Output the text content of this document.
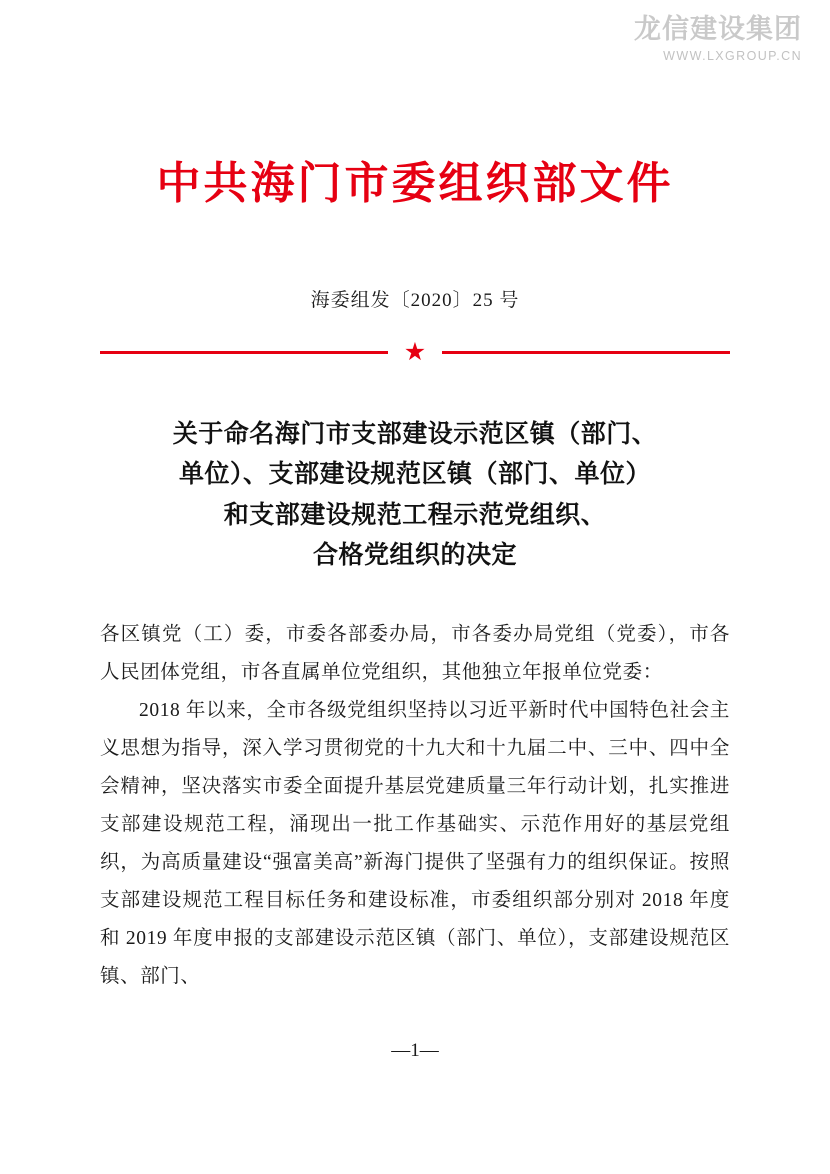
龙信建设集团
WWW.LXGROUP.CN
中共海门市委组织部文件
海委组发〔2020〕25 号
★
关于命名海门市支部建设示范区镇（部门、
单位）、支部建设规范区镇（部门、单位）
和支部建设规范工程示范党组织、
合格党组织的决定

各区镇党（工）委，市委各部委办局，市各委办局党组（党委），市各人民团体党组，市各直属单位党组织，其他独立年报单位党委：

2018 年以来，全市各级党组织坚持以习近平新时代中国特色社会主义思想为指导，深入学习贯彻党的十九大和十九届二中、三中、四中全会精神，坚决落实市委全面提升基层党建质量三年行动计划，扎实推进支部建设规范工程，涌现出一批工作基础实、示范作用好的基层党组织，为高质量建设“强富美高”新海门提供了坚强有力的组织保证。按照支部建设规范工程目标任务和建设标准，市委组织部分别对 2018 年度和 2019 年度申报的支部建设示范区镇（部门、单位），支部建设规范区镇、部门、

—1—
